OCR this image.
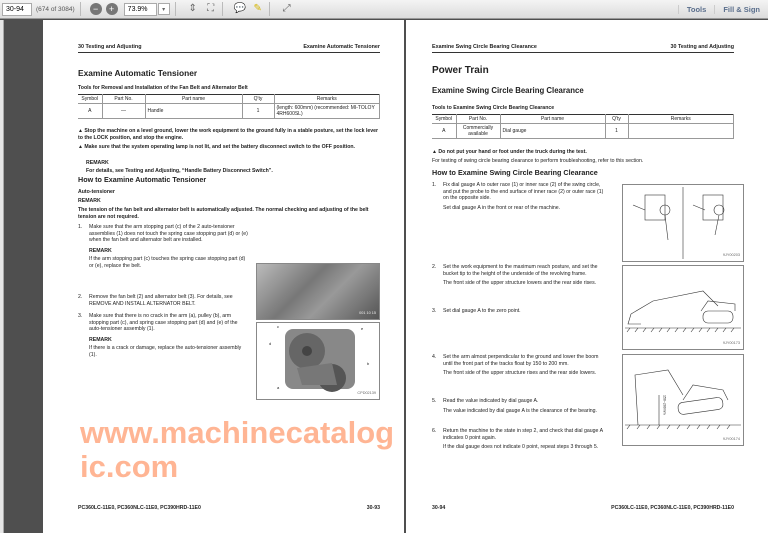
30-94
(674 of 3084)	−	+
73.9%	▾	⇕ ⛶ 💬 ✎ ⤢	Tools	Fill & Sign
30 Testing and Adjusting	Examine Automatic Tensioner
Examine Automatic Tensioner
Tools for Removal and Installation of the Fan Belt and Alternator Belt
Symbol	Part No.	Part name	Q'ty	Remarks
A	—	Handle	1	(length: 600mm) (recommended: MI-TOLOY 4RH600SL)
▲ Stop the machine on a level ground, lower the work equipment to the ground fully in a stable posture, set the lock lever to the LOCK position, and stop the engine.
▲ Make sure that the system operating lamp is not lit, and set the battery disconnect switch to the OFF position.
REMARK
For details, see Testing and Adjusting, “Handle Battery Disconnect Switch”.
How to Examine Automatic Tensioner
Auto-tensioner
REMARK
The tension of the fan belt and alternator belt is automatically adjusted. The normal checking and adjusting of the belt tension are not required.
1.	Make sure that the arm stopping part (c) of the 2 auto-tensioner assemblies (1) does not touch the spring case stopping part (d) or (e) when the fan belt and alternator belt are installed.
REMARK
If the arm stopping part (c) touches the spring case stopping part (d) or (e), replace the belt.
2.	Remove the fan belt (2) and alternator belt (3). For details, see REMOVE AND INSTALL ALTERNATOR BELT.
3.	Make sure that there is no crack in the arm (a), pulley (b), arm stopping part (c), and spring case stopping part (d) and (e) of the auto-tensioner assembly (1).
REMARK
If there is a crack or damage, replace the auto-tensioner assembly (1).
001 10 15
c
d
e
a
b
CPD02139
PC360LC-11E0, PC360NLC-11E0, PC390HRD-11E0	30-93
Examine Swing Circle Bearing Clearance	30 Testing and Adjusting
Power Train
Examine Swing Circle Bearing Clearance
Tools to Examine Swing Circle Bearing Clearance
Symbol	Part No.	Part name	Q'ty	Remarks
A	Commercially available	Dial gauge	1	
▲ Do not put your hand or foot under the truck during the test.
For testing of swing circle bearing clearance to perform troubleshooting, refer to this section.
How to Examine Swing Circle Bearing Clearance
1.	Fix dial gauge A to outer race (1) or inner race (2) of the swing circle, and put the probe to the end surface of inner race (2) or outer race (1) on the opposite side.
Set dial gauge A in the front or rear of the machine.
2.	Set the work equipment to the maximum reach posture, and set the bucket tip to the height of the underside of the revolving frame.
The front side of the upper structure lowers and the rear side rises.
3.	Set dial gauge A to the zero point.
4.	Set the arm almost perpendicular to the ground and lower the boom until the front part of the tracks float by 150 to 200 mm.
The front side of the upper structure rises and the rear side lowers.
5.	Read the value indicated by dial gauge A.
The value indicated by dial gauge A is the clearance of the bearing.
6.	Return the machine to the state in step 2, and check that dial gauge A indicates 0 point again.
If the dial gauge does not indicate 0 point, repeat steps 3 through 5.
9JY00203
9JY00173
150~200mm
9JY00174
30-94	PC360LC-11E0, PC360NLC-11E0, PC390HRD-11E0
www.machinecatalogic.com
